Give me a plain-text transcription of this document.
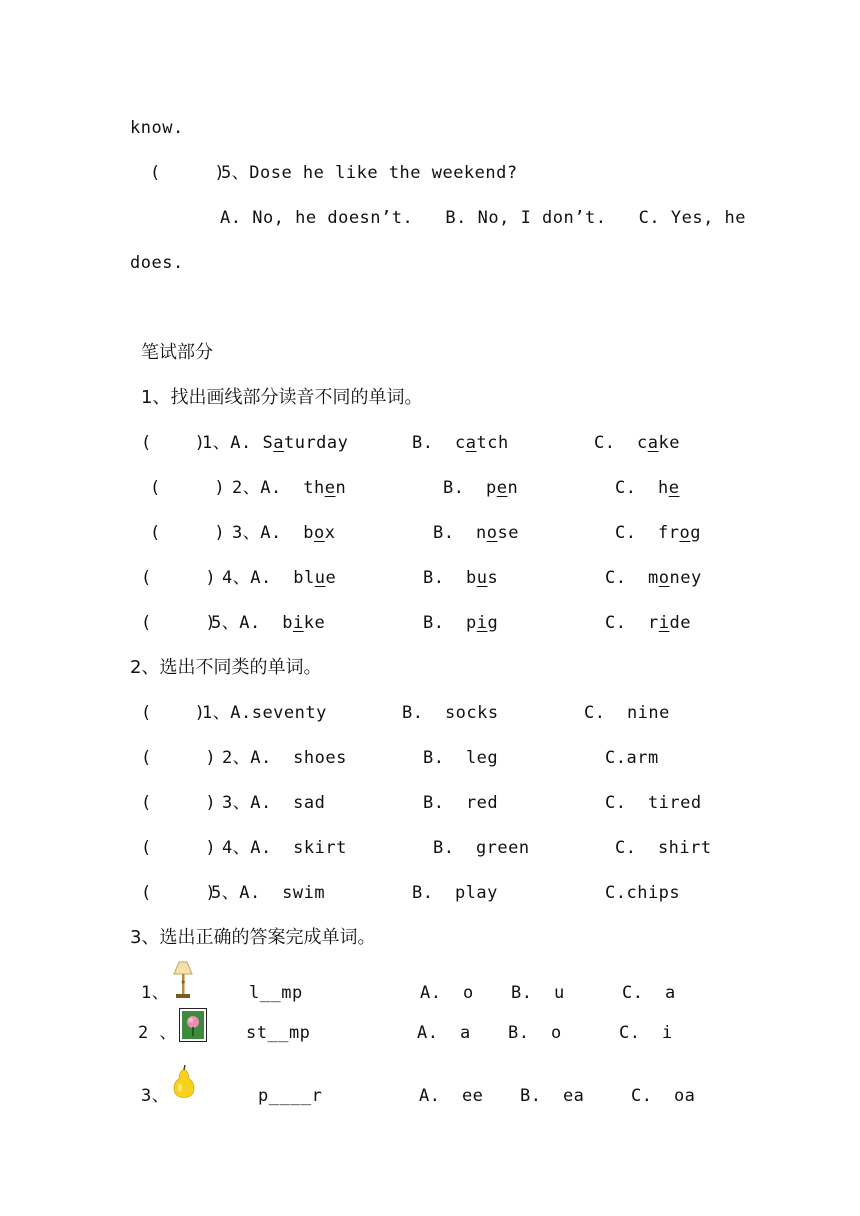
know.
(     )
5、Dose he like the weekend?
A. No, he doesn’t.   B. No, I don’t.   C. Yes, he
does.
笔试部分
1、找出画线部分读音不同的单词。
(    )
1、A. Saturday	B. catch	C. cake
(     ) 2、A. then	B. pen	C. he
(     ) 3、A. box	B. nose	C. frog
(     ) 4、A. blue	B. bus	C. money
(     )
5、A. bike	B. pig	C. ride
2、选出不同类的单词。
(    )
1、A.seventy	B.  socks	C.  nine
(     ) 2、A.  shoes	B.  leg	C.arm
(     ) 3、A.  sad	B.  red	C.  tired
(     ) 4、A.  skirt	B.  green	C.  shirt
(     )
5、A.  swim	B.  play	C.chips
3、选出正确的答案完成单词。
1、	l__mp	A.  o B.  u	C.  a
2 、	st__mp	A.  a B.  o	C.  i
3、	p____r	A.  ee B.  ea	C.  oa
